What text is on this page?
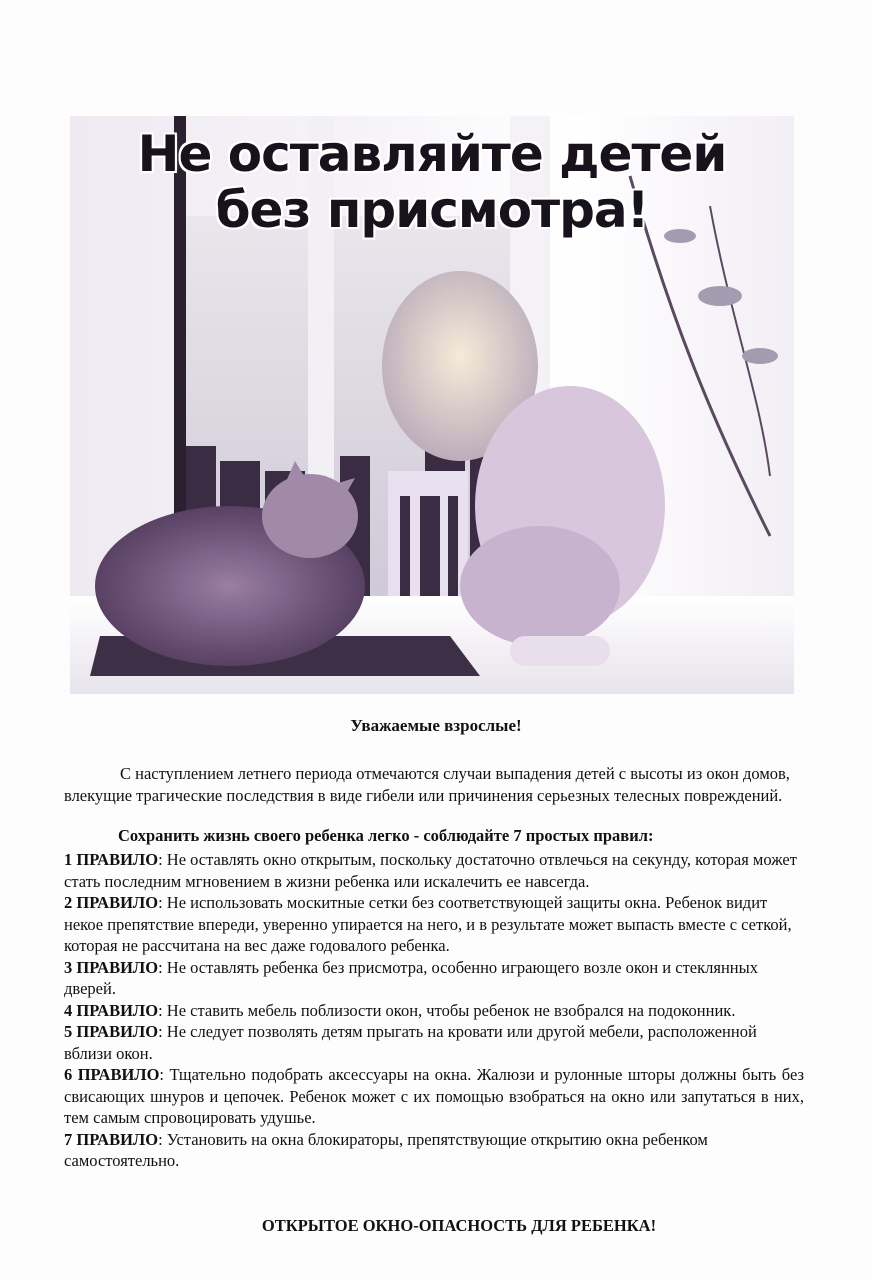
Не оставляйте детей
без присмотра!
Уважаемые взрослые!

С наступлением летнего периода отмечаются случаи выпадения детей с высоты из окон домов, влекущие трагические последствия в виде гибели или причинения серьезных телесных повреждений.

Сохранить жизнь своего ребенка легко - соблюдайте 7 простых правил:

1 ПРАВИЛО: Не оставлять окно открытым, поскольку достаточно отвлечься на секунду, которая может стать последним мгновением в жизни ребенка или искалечить ее навсегда.

2 ПРАВИЛО: Не использовать москитные сетки без соответствующей защиты окна. Ребенок видит некое препятствие впереди, уверенно упирается на него, и в результате может выпасть вместе с сеткой, которая не рассчитана на вес даже годовалого ребенка.

3 ПРАВИЛО: Не оставлять ребенка без присмотра, особенно играющего возле окон и стеклянных дверей.

4 ПРАВИЛО: Не ставить мебель поблизости окон, чтобы ребенок не взобрался на подоконник.

5 ПРАВИЛО: Не следует позволять детям прыгать на кровати или другой мебели, расположенной вблизи окон.

6 ПРАВИЛО: Тщательно подобрать аксессуары на окна. Жалюзи и рулонные шторы должны быть без свисающих шнуров и цепочек. Ребенок может с их помощью взобраться на окно или запутаться в них, тем самым спровоцировать удушье.

7 ПРАВИЛО: Установить на окна блокираторы, препятствующие открытию окна ребенком самостоятельно.

ОТКРЫТОЕ ОКНО-ОПАСНОСТЬ ДЛЯ РЕБЕНКА!
